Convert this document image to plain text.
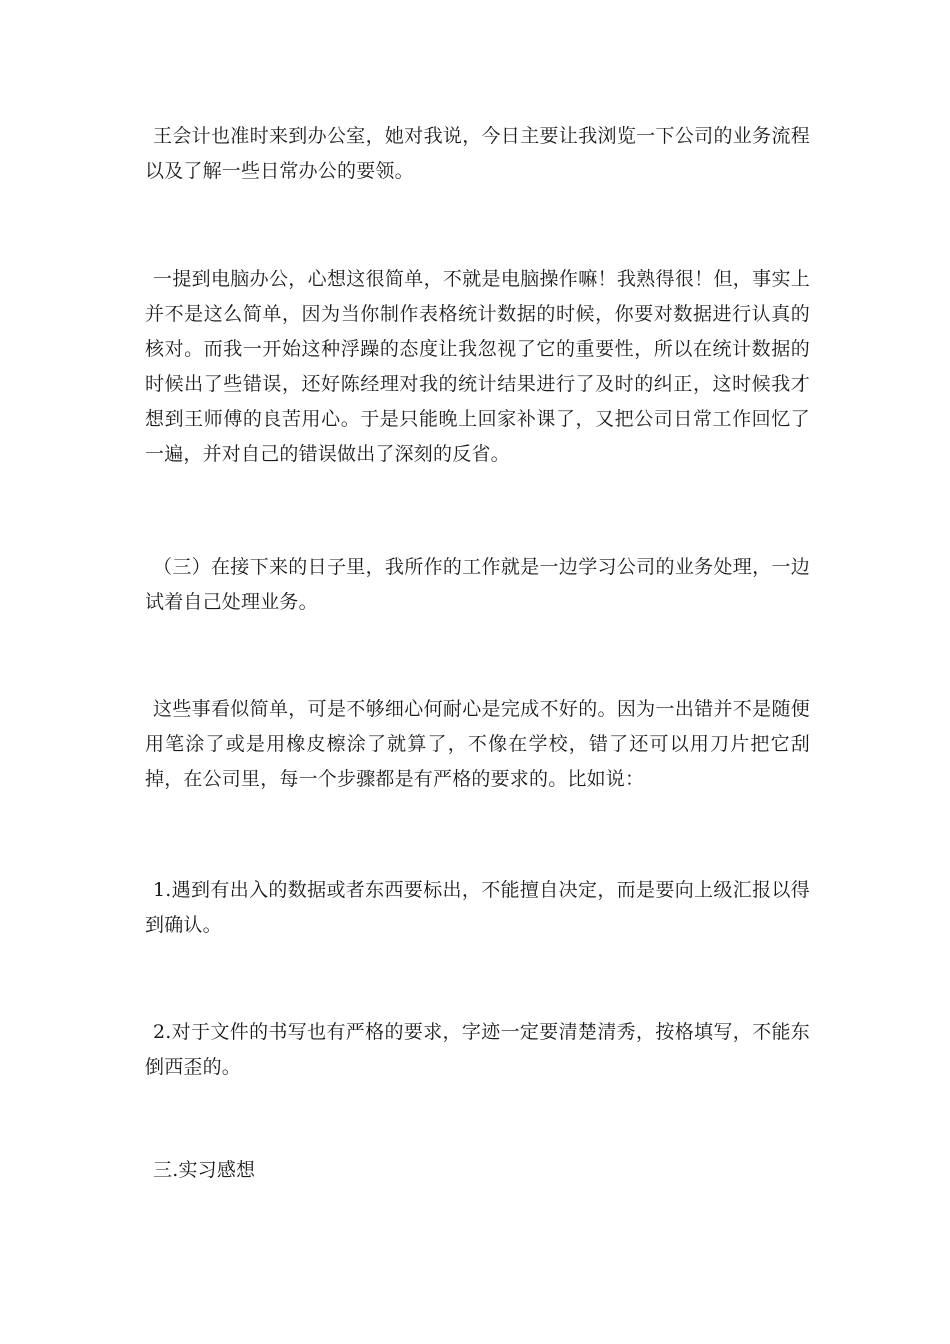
王会计也准时来到办公室，她对我说，今日主要让我浏览一下公司的业务流程以及了解一些日常办公的要领。

一提到电脑办公，心想这很简单，不就是电脑操作嘛！我熟得很！但，事实上并不是这么简单，因为当你制作表格统计数据的时候，你要对数据进行认真的核对。而我一开始这种浮躁的态度让我忽视了它的重要性，所以在统计数据的时候出了些错误，还好陈经理对我的统计结果进行了及时的纠正，这时候我才想到王师傅的良苦用心。于是只能晚上回家补课了，又把公司日常工作回忆了一遍，并对自己的错误做出了深刻的反省。

（三）在接下来的日子里，我所作的工作就是一边学习公司的业务处理，一边试着自己处理业务。

这些事看似简单，可是不够细心何耐心是完成不好的。因为一出错并不是随便用笔涂了或是用橡皮檫涂了就算了，不像在学校，错了还可以用刀片把它刮掉，在公司里，每一个步骤都是有严格的要求的。比如说：

1.遇到有出入的数据或者东西要标出，不能擅自决定，而是要向上级汇报以得到确认。

2.对于文件的书写也有严格的要求，字迹一定要清楚清秀，按格填写，不能东倒西歪的。

三.实习感想
